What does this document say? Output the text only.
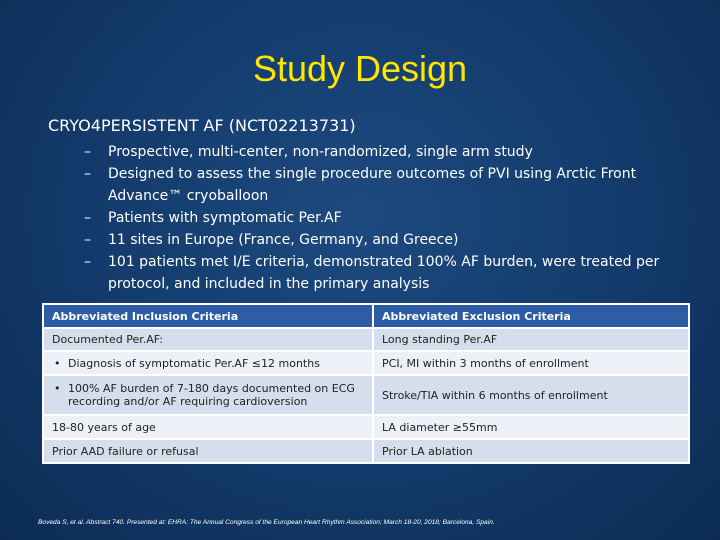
Study Design
CRYO4PERSISTENT AF (NCT02213731)
– Prospective, multi-center, non-randomized, single arm study
– Designed to assess the single procedure outcomes of PVI using Arctic Front Advance™ cryoballoon
– Patients with symptomatic Per.AF
– 11 sites in Europe (France, Germany, and Greece)
– 101 patients met I/E criteria, demonstrated 100% AF burden, were treated per protocol, and included in the primary analysis
Abbreviated Inclusion Criteria	Abbreviated Exclusion Criteria
Documented Per.AF:	Long standing Per.AF

• Diagnosis of symptomatic Per.AF ≤12 months	PCI, MI within 3 months of enrollment

• 100% AF burden of 7-180 days documented on ECG recording and/or AF requiring cardioversion	Stroke/TIA within 6 months of enrollment
18-80 years of age	LA diameter ≥55mm
Prior AAD failure or refusal	Prior LA ablation
Boveda S, et al. Abstract 740. Presented at: EHRA: The Annual Congress of the European Heart Rhythm Association; March 18-20, 2018; Barcelona, Spain.
